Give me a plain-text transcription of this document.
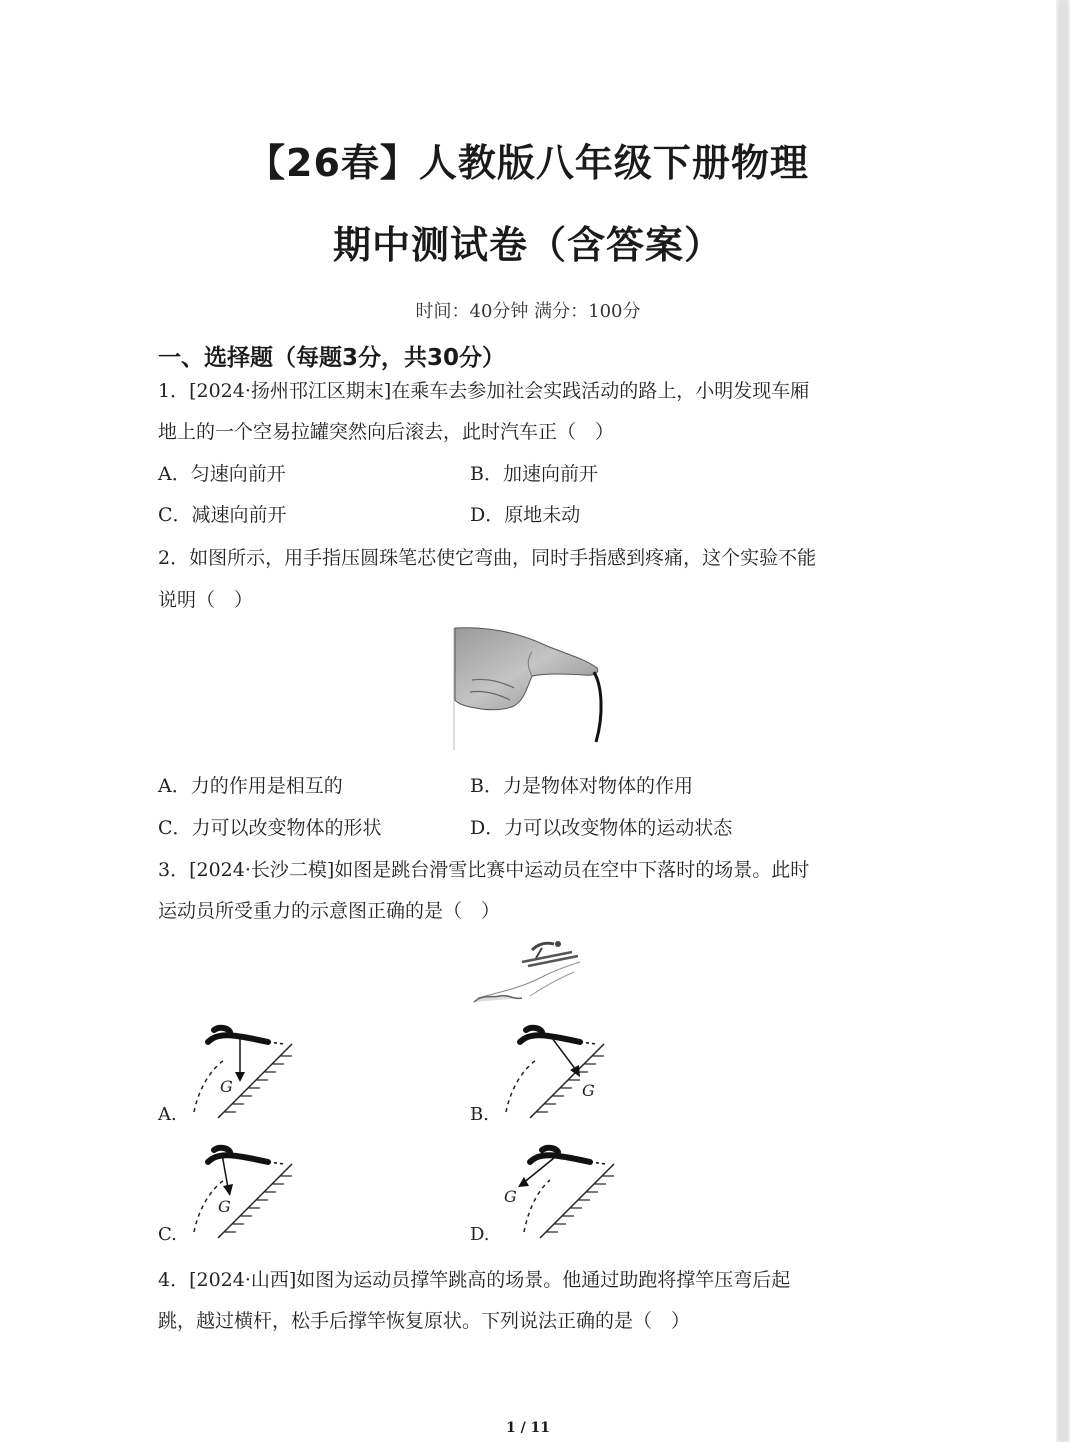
【26春】人教版八年级下册物理
期中测试卷（含答案）
时间：40分钟 满分：100分
一、选择题（每题3分，共30分）
1．[2024·扬州邗江区期末]在乘车去参加社会实践活动的路上，小明发现车厢
地上的一个空易拉罐突然向后滚去，此时汽车正（　）
A．匀速向前开	B．加速向前开
C．减速向前开	D．原地未动
2．如图所示，用手指压圆珠笔芯使它弯曲，同时手指感到疼痛，这个实验不能
说明（　）
A．力的作用是相互的	B．力是物体对物体的作用
C．力可以改变物体的形状	D．力可以改变物体的运动状态
3．[2024·长沙二模]如图是跳台滑雪比赛中运动员在空中下落时的场景。此时
运动员所受重力的示意图正确的是（　）
A.
G
B.
G
C.
G
D.
G
4．[2024·山西]如图为运动员撑竿跳高的场景。他通过助跑将撑竿压弯后起
跳，越过横杆，松手后撑竿恢复原状。下列说法正确的是（　）
1 / 11
